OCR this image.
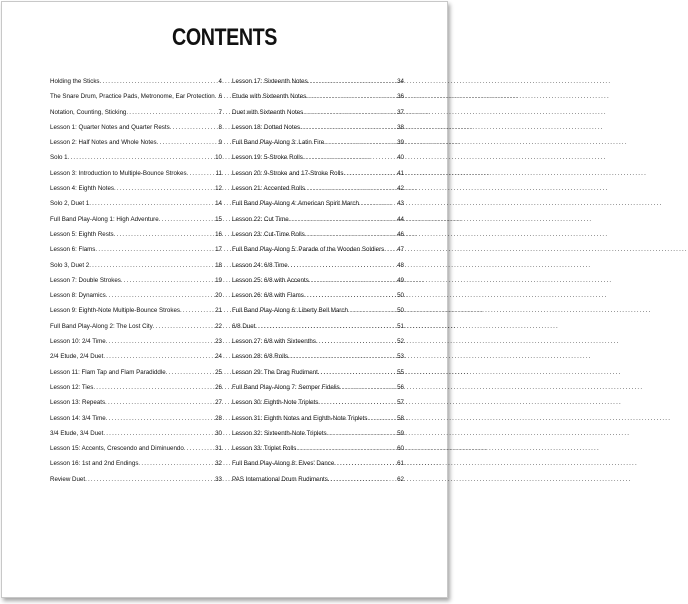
CONTENTS
Holding the Sticks .....	4
The Snare Drum, Practice Pads, Metronome, Ear Protection ..... 6
Notation, Counting, Sticking .....	7
Lesson 1: Quarter Notes and Quarter Rests .....	8
Lesson 2: Half Notes and Whole Notes .....	9
Solo 1 .....	10
Lesson 3: Introduction to Multiple-Bounce Strokes .....	11
Lesson 4: Eighth Notes .....	12
Solo 2, Duet 1 .....	14
Full Band Play-Along 1: High Adventure .....	15
Lesson 5: Eighth Rests .....	16
Lesson 6: Flams .....	17
Solo 3, Duet 2 .....	18
Lesson 7: Double Strokes .....	19
Lesson 8: Dynamics .....	20
Lesson 9: Eighth-Note Multiple-Bounce Strokes .....	21
Full Band Play-Along 2: The Lost City .....	22
Lesson 10: 2/4 Time .....	23
2/4 Etude, 2/4 Duet .....	24
Lesson 11: Flam Tap and Flam Paradiddle .....	25
Lesson 12: Ties .....	26
Lesson 13: Repeats .....	27
Lesson 14: 3/4 Time .....	28
3/4 Etude, 3/4 Duet .....	30
Lesson 15: Accents, Crescendo and Diminuendo .....	31
Lesson 16: 1st and 2nd Endings .....	32
Review Duet .....	33
Lesson 17: Sixteenth Notes .....	34
Etude with Sixteenth Notes .....	36
Duet with Sixteenth Notes .....	37
Lesson 18: Dotted Notes .....	38
Full Band Play-Along 3: Latin Fire .....	39
Lesson 19: 5-Stroke Rolls .....	40
Lesson 20: 9-Stroke and 17-Stroke Rolls .....	41
Lesson 21: Accented Rolls .....	42
Full Band Play-Along 4: American Spirit March .....	43
Lesson 22: Cut Time .....	44
Lesson 23: Cut-Time Rolls .....	46
Full Band Play-Along 5: Parade of the Wooden Soldiers ..... 47
Lesson 24: 6/8 Time .....	48
Lesson 25: 6/8 with Accents .....	49
Lesson 26: 6/8 with Flams .....	50
Full Band Play-Along 6: Liberty Bell March .....	50
6/8 Duet .....	51
Lesson 27: 6/8 with Sixteenths .....	52
Lesson 28: 6/8 Rolls .....	53
Lesson 29: The Drag Rudiment .....	55
Full Band Play-Along 7: Semper Fidelis .....	56
Lesson 30: Eighth-Note Triplets .....	57
Lesson 31: Eighth Notes and Eighth-Note Triplets .....	58
Lesson 32: Sixteenth-Note Triplets .....	59
Lesson 33: Triplet Rolls .....	60
Full Band Play-Along 8: Elves' Dance .....	61
PAS International Drum Rudiments .....	62
